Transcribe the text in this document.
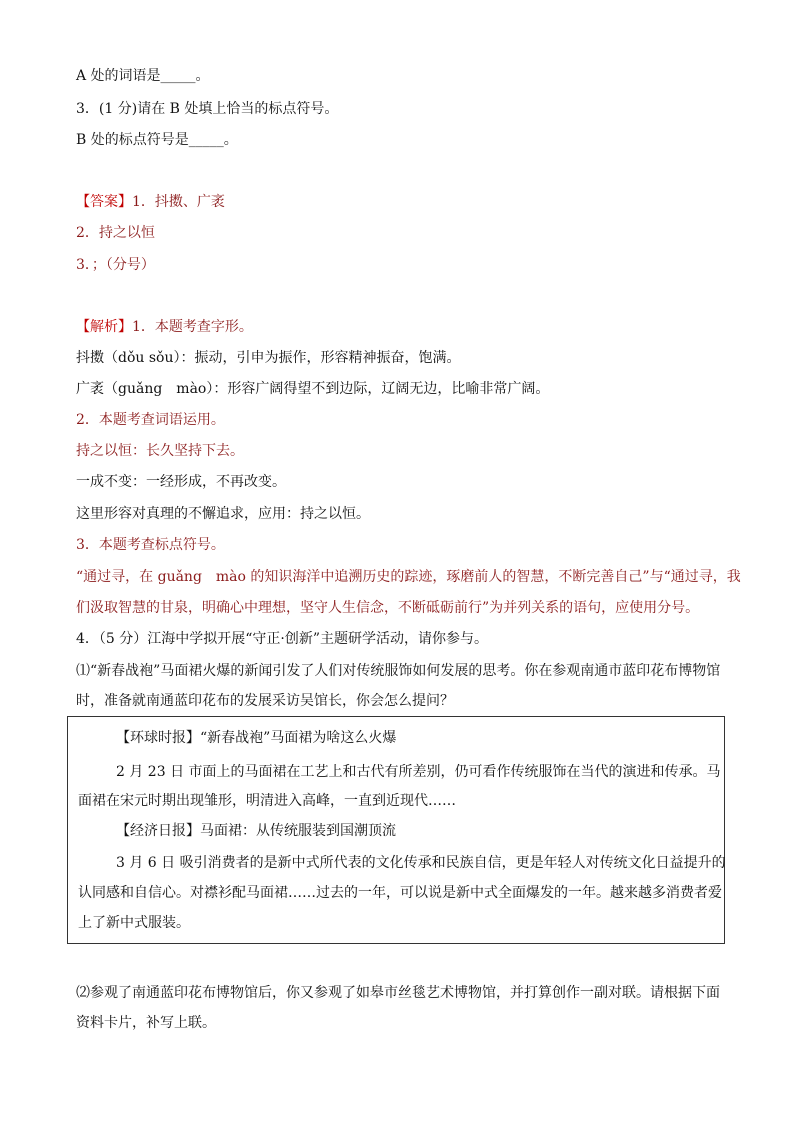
A 处的词语是_____。
3．(1 分)请在 B 处填上恰当的标点符号。
B 处的标点符号是_____。
【答案】1．抖擞、广袤
2．持之以恒
3．；（分号）
【解析】1．本题考查字形。
抖擞（dǒu sǒu）：振动，引申为振作，形容精神振奋，饱满。
广袤（guǎng　mào）：形容广阔得望不到边际，辽阔无边，比喻非常广阔。
2．本题考查词语运用。
持之以恒：长久坚持下去。
一成不变：一经形成，不再改变。
这里形容对真理的不懈追求，应用：持之以恒。
3．本题考查标点符号。
“通过寻，在 guǎng　mào 的知识海洋中追溯历史的踪迹，琢磨前人的智慧，不断完善自己”与“通过寻，我
们汲取智慧的甘泉，明确心中理想，坚守人生信念，不断砥砺前行”为并列关系的语句，应使用分号。
4．（5 分）江海中学拟开展“守正·创新”主题研学活动，请你参与。
⑴“新春战袍”马面裙火爆的新闻引发了人们对传统服饰如何发展的思考。你在参观南通市蓝印花布博物馆
时，准备就南通蓝印花布的发展采访吴馆长，你会怎么提问？
【环球时报】“新春战袍”马面裙为啥这么火爆
2 月 23 日 市面上的马面裙在工艺上和古代有所差别，仍可看作传统服饰在当代的演进和传承。马
面裙在宋元时期出现雏形，明清进入高峰，一直到近现代……
【经济日报】马面裙：从传统服装到国潮顶流
3 月 6 日 吸引消费者的是新中式所代表的文化传承和民族自信，更是年轻人对传统文化日益提升的
认同感和自信心。对襟衫配马面裙……过去的一年，可以说是新中式全面爆发的一年。越来越多消费者爱
上了新中式服装。
⑵参观了南通蓝印花布博物馆后，你又参观了如皋市丝毯艺术博物馆，并打算创作一副对联。请根据下面
资料卡片，补写上联。
